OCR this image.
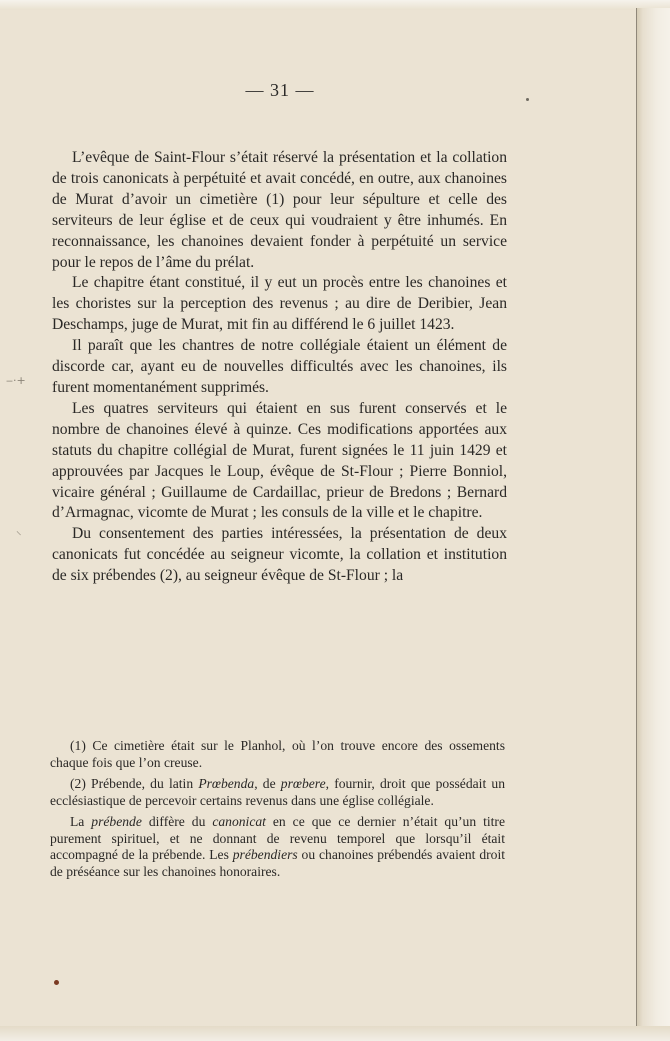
— 31 —

L’evêque de Saint-Flour s’était réservé la présentation et la collation de trois canonicats à perpétuité et avait concédé, en outre, aux chanoines de Murat d’avoir un cimetière (1) pour leur sépulture et celle des serviteurs de leur église et de ceux qui voudraient y être inhumés. En reconnaissance, les chanoines devaient fonder à perpétuité un service pour le repos de l’âme du prélat.

Le chapitre étant constitué, il y eut un procès entre les chanoines et les choristes sur la perception des revenus ; au dire de Deribier, Jean Deschamps, juge de Murat, mit fin au différend le 6 juillet 1423.

Il paraît que les chantres de notre collégiale étaient un élément de discorde car, ayant eu de nouvelles difficultés avec les chanoines, ils furent momentanément supprimés.

Les quatres serviteurs qui étaient en sus furent conservés et le nombre de chanoines élevé à quinze. Ces modifications apportées aux statuts du chapitre collégial de Murat, furent signées le 11 juin 1429 et approuvées par Jacques le Loup, évêque de St-Flour ; Pierre Bonniol, vicaire général ; Guillaume de Cardaillac, prieur de Bredons ; Bernard d’Armagnac, vicomte de Murat ; les consuls de la ville et le chapitre.

Du consentement des parties intéressées, la présentation de deux canonicats fut concédée au seigneur vicomte, la collation et institution de six prébendes (2), au seigneur évêque de St-Flour ; la

(1) Ce cimetière était sur le Planhol, où l’on trouve encore des ossements chaque fois que l’on creuse.

(2) Prébende, du latin Prœbenda, de prœbere, fournir, droit que possédait un ecclésiastique de percevoir certains revenus dans une église collégiale.

La prébende diffère du canonicat en ce que ce dernier n’était qu’un titre purement spirituel, et ne donnant de revenu temporel que lorsqu’il était accompagné de la prébende. Les prébendiers ou chanoines prébendés avaient droit de préséance sur les chanoines honoraires.

‒·+
⸌
